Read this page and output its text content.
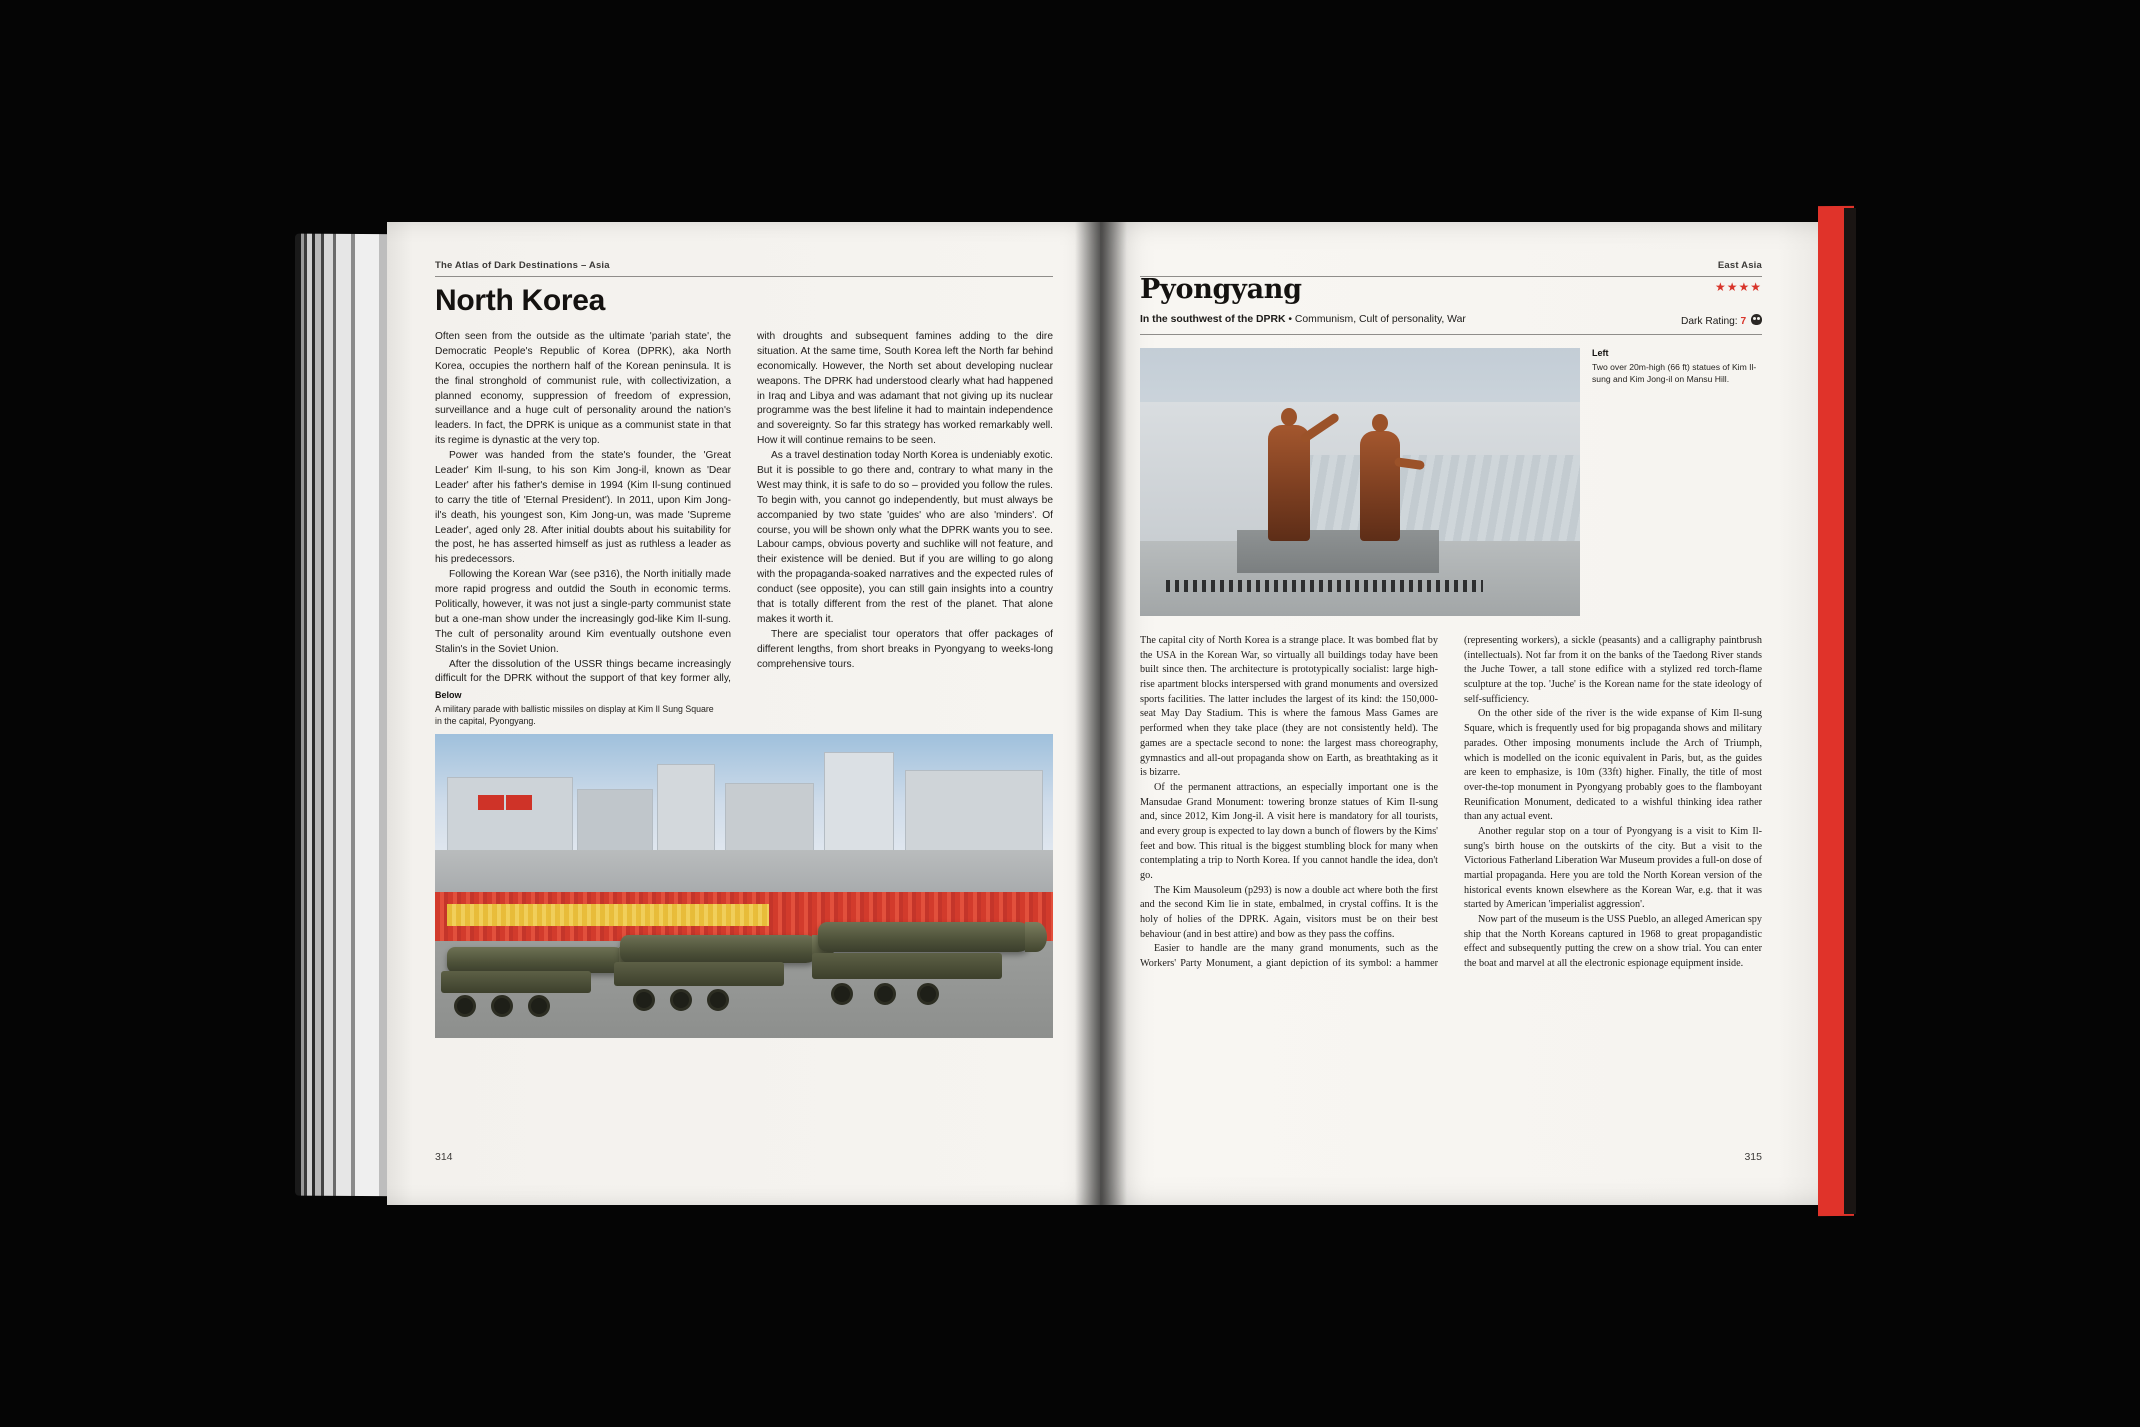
The Atlas of Dark Destinations – Asia
North Korea

Often seen from the outside as the ultimate 'pariah state', the Democratic People's Republic of Korea (DPRK), aka North Korea, occupies the northern half of the Korean peninsula. It is the final stronghold of communist rule, with collectivization, a planned economy, suppression of freedom of expression, surveillance and a huge cult of personality around the nation's leaders. In fact, the DPRK is unique as a communist state in that its regime is dynastic at the very top.

Power was handed from the state's founder, the 'Great Leader' Kim Il-sung, to his son Kim Jong-il, known as 'Dear Leader' after his father's demise in 1994 (Kim Il-sung continued to carry the title of 'Eternal President'). In 2011, upon Kim Jong-il's death, his youngest son, Kim Jong-un, was made 'Supreme Leader', aged only 28. After initial doubts about his suitability for the post, he has asserted himself as just as ruthless a leader as his predecessors.

Following the Korean War (see p316), the North initially made more rapid progress and outdid the South in economic terms. Politically, however, it was not just a single-party communist state but a one-man show under the increasingly god-like Kim Il-sung. The cult of personality around Kim eventually outshone even Stalin's in the Soviet Union.

After the dissolution of the USSR things became increasingly difficult for the DPRK without the support of that key former ally, with droughts and subsequent famines adding to the dire situation. At the same time, South Korea left the North far behind economically. However, the North set about developing nuclear weapons. The DPRK had understood clearly what had happened in Iraq and Libya and was adamant that not giving up its nuclear programme was the best lifeline it had to maintain independence and sovereignty. So far this strategy has worked remarkably well. How it will continue remains to be seen.

As a travel destination today North Korea is undeniably exotic. But it is possible to go there and, contrary to what many in the West may think, it is safe to do so – provided you follow the rules. To begin with, you cannot go independently, but must always be accompanied by two state 'guides' who are also 'minders'. Of course, you will be shown only what the DPRK wants you to see. Labour camps, obvious poverty and suchlike will not feature, and their existence will be denied. But if you are willing to go along with the propaganda-soaked narratives and the expected rules of conduct (see opposite), you can still gain insights into a country that is totally different from the rest of the planet. That alone makes it worth it.

There are specialist tour operators that offer packages of different lengths, from short breaks in Pyongyang to weeks-long comprehensive tours.

Below
A military parade with ballistic missiles on display at Kim Il Sung Square in the capital, Pyongyang.
314
East Asia
Pyongyang
In the southwest of the DPRK • Communism, Cult of personality, War
★★★★
Dark Rating: 7
Left
Two over 20m-high (66 ft) statues of Kim Il-sung and Kim Jong-il on Mansu Hill.

The capital city of North Korea is a strange place. It was bombed flat by the USA in the Korean War, so virtually all buildings today have been built since then. The architecture is prototypically socialist: large high-rise apartment blocks interspersed with grand monuments and oversized sports facilities. The latter includes the largest of its kind: the 150,000-seat May Day Stadium. This is where the famous Mass Games are performed when they take place (they are not consistently held). The games are a spectacle second to none: the largest mass choreography, gymnastics and all-out propaganda show on Earth, as breathtaking as it is bizarre.

Of the permanent attractions, an especially important one is the Mansudae Grand Monument: towering bronze statues of Kim Il-sung and, since 2012, Kim Jong-il. A visit here is mandatory for all tourists, and every group is expected to lay down a bunch of flowers by the Kims' feet and bow. This ritual is the biggest stumbling block for many when contemplating a trip to North Korea. If you cannot handle the idea, don't go.

The Kim Mausoleum (p293) is now a double act where both the first and the second Kim lie in state, embalmed, in crystal coffins. It is the holy of holies of the DPRK. Again, visitors must be on their best behaviour (and in best attire) and bow as they pass the coffins.

Easier to handle are the many grand monuments, such as the Workers' Party Monument, a giant depiction of its symbol: a hammer (representing workers), a sickle (peasants) and a calligraphy paintbrush (intellectuals). Not far from it on the banks of the Taedong River stands the Juche Tower, a tall stone edifice with a stylized red torch-flame sculpture at the top. 'Juche' is the Korean name for the state ideology of self-sufficiency.

On the other side of the river is the wide expanse of Kim Il-sung Square, which is frequently used for big propaganda shows and military parades. Other imposing monuments include the Arch of Triumph, which is modelled on the iconic equivalent in Paris, but, as the guides are keen to emphasize, is 10m (33ft) higher. Finally, the title of most over-the-top monument in Pyongyang probably goes to the flamboyant Reunification Monument, dedicated to a wishful thinking idea rather than any actual event.

Another regular stop on a tour of Pyongyang is a visit to Kim Il-sung's birth house on the outskirts of the city. But a visit to the Victorious Fatherland Liberation War Museum provides a full-on dose of martial propaganda. Here you are told the North Korean version of the historical events known elsewhere as the Korean War, e.g. that it was started by American 'imperialist aggression'.

Now part of the museum is the USS Pueblo, an alleged American spy ship that the North Koreans captured in 1968 to great propagandistic effect and subsequently putting the crew on a show trial. You can enter the boat and marvel at all the electronic espionage equipment inside.

315
